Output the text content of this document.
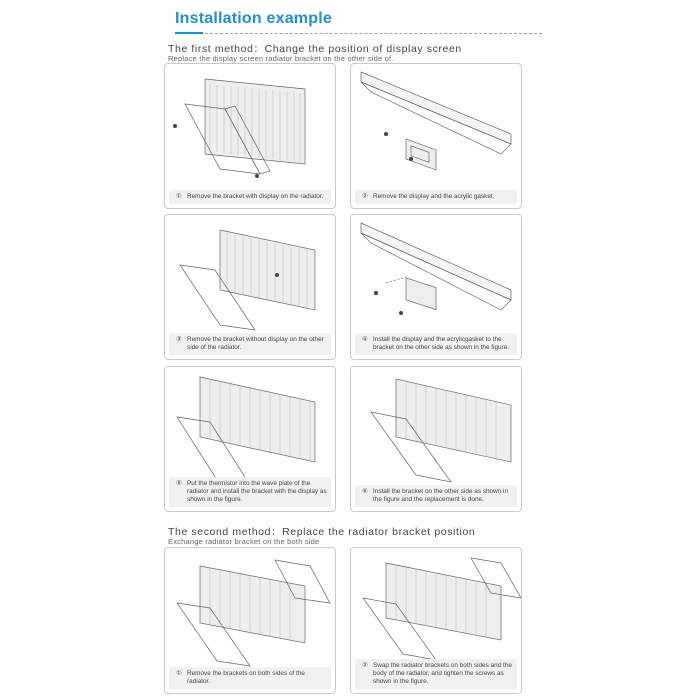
Installation example
The first method：Change the position of display screen
Replace the display screen radiator bracket on the other side of.
① Remove the bracket with display on the radiator.	② Remove the display and the acrylic gasket.
③ Remove the bracket without display on the other side of the radiator.
④ Install the display and the acrylicgasket to the bracket on the other side as shown in the figure.
⑤ Put the thermistor into the wave plate of the radiator and install the bracket with the display as shown in the figure.
⑥ Install the bracket on the other side as shown in the figure and the replacement is done.
The second method：Replace the radiator bracket position
Exchange radiator bracket on the both side
① Remove the brackets on both sides of the radiator.
② Swap the radiator brackets on both sides and the body of the radiator, and tighten the screws as shown in the figure.
